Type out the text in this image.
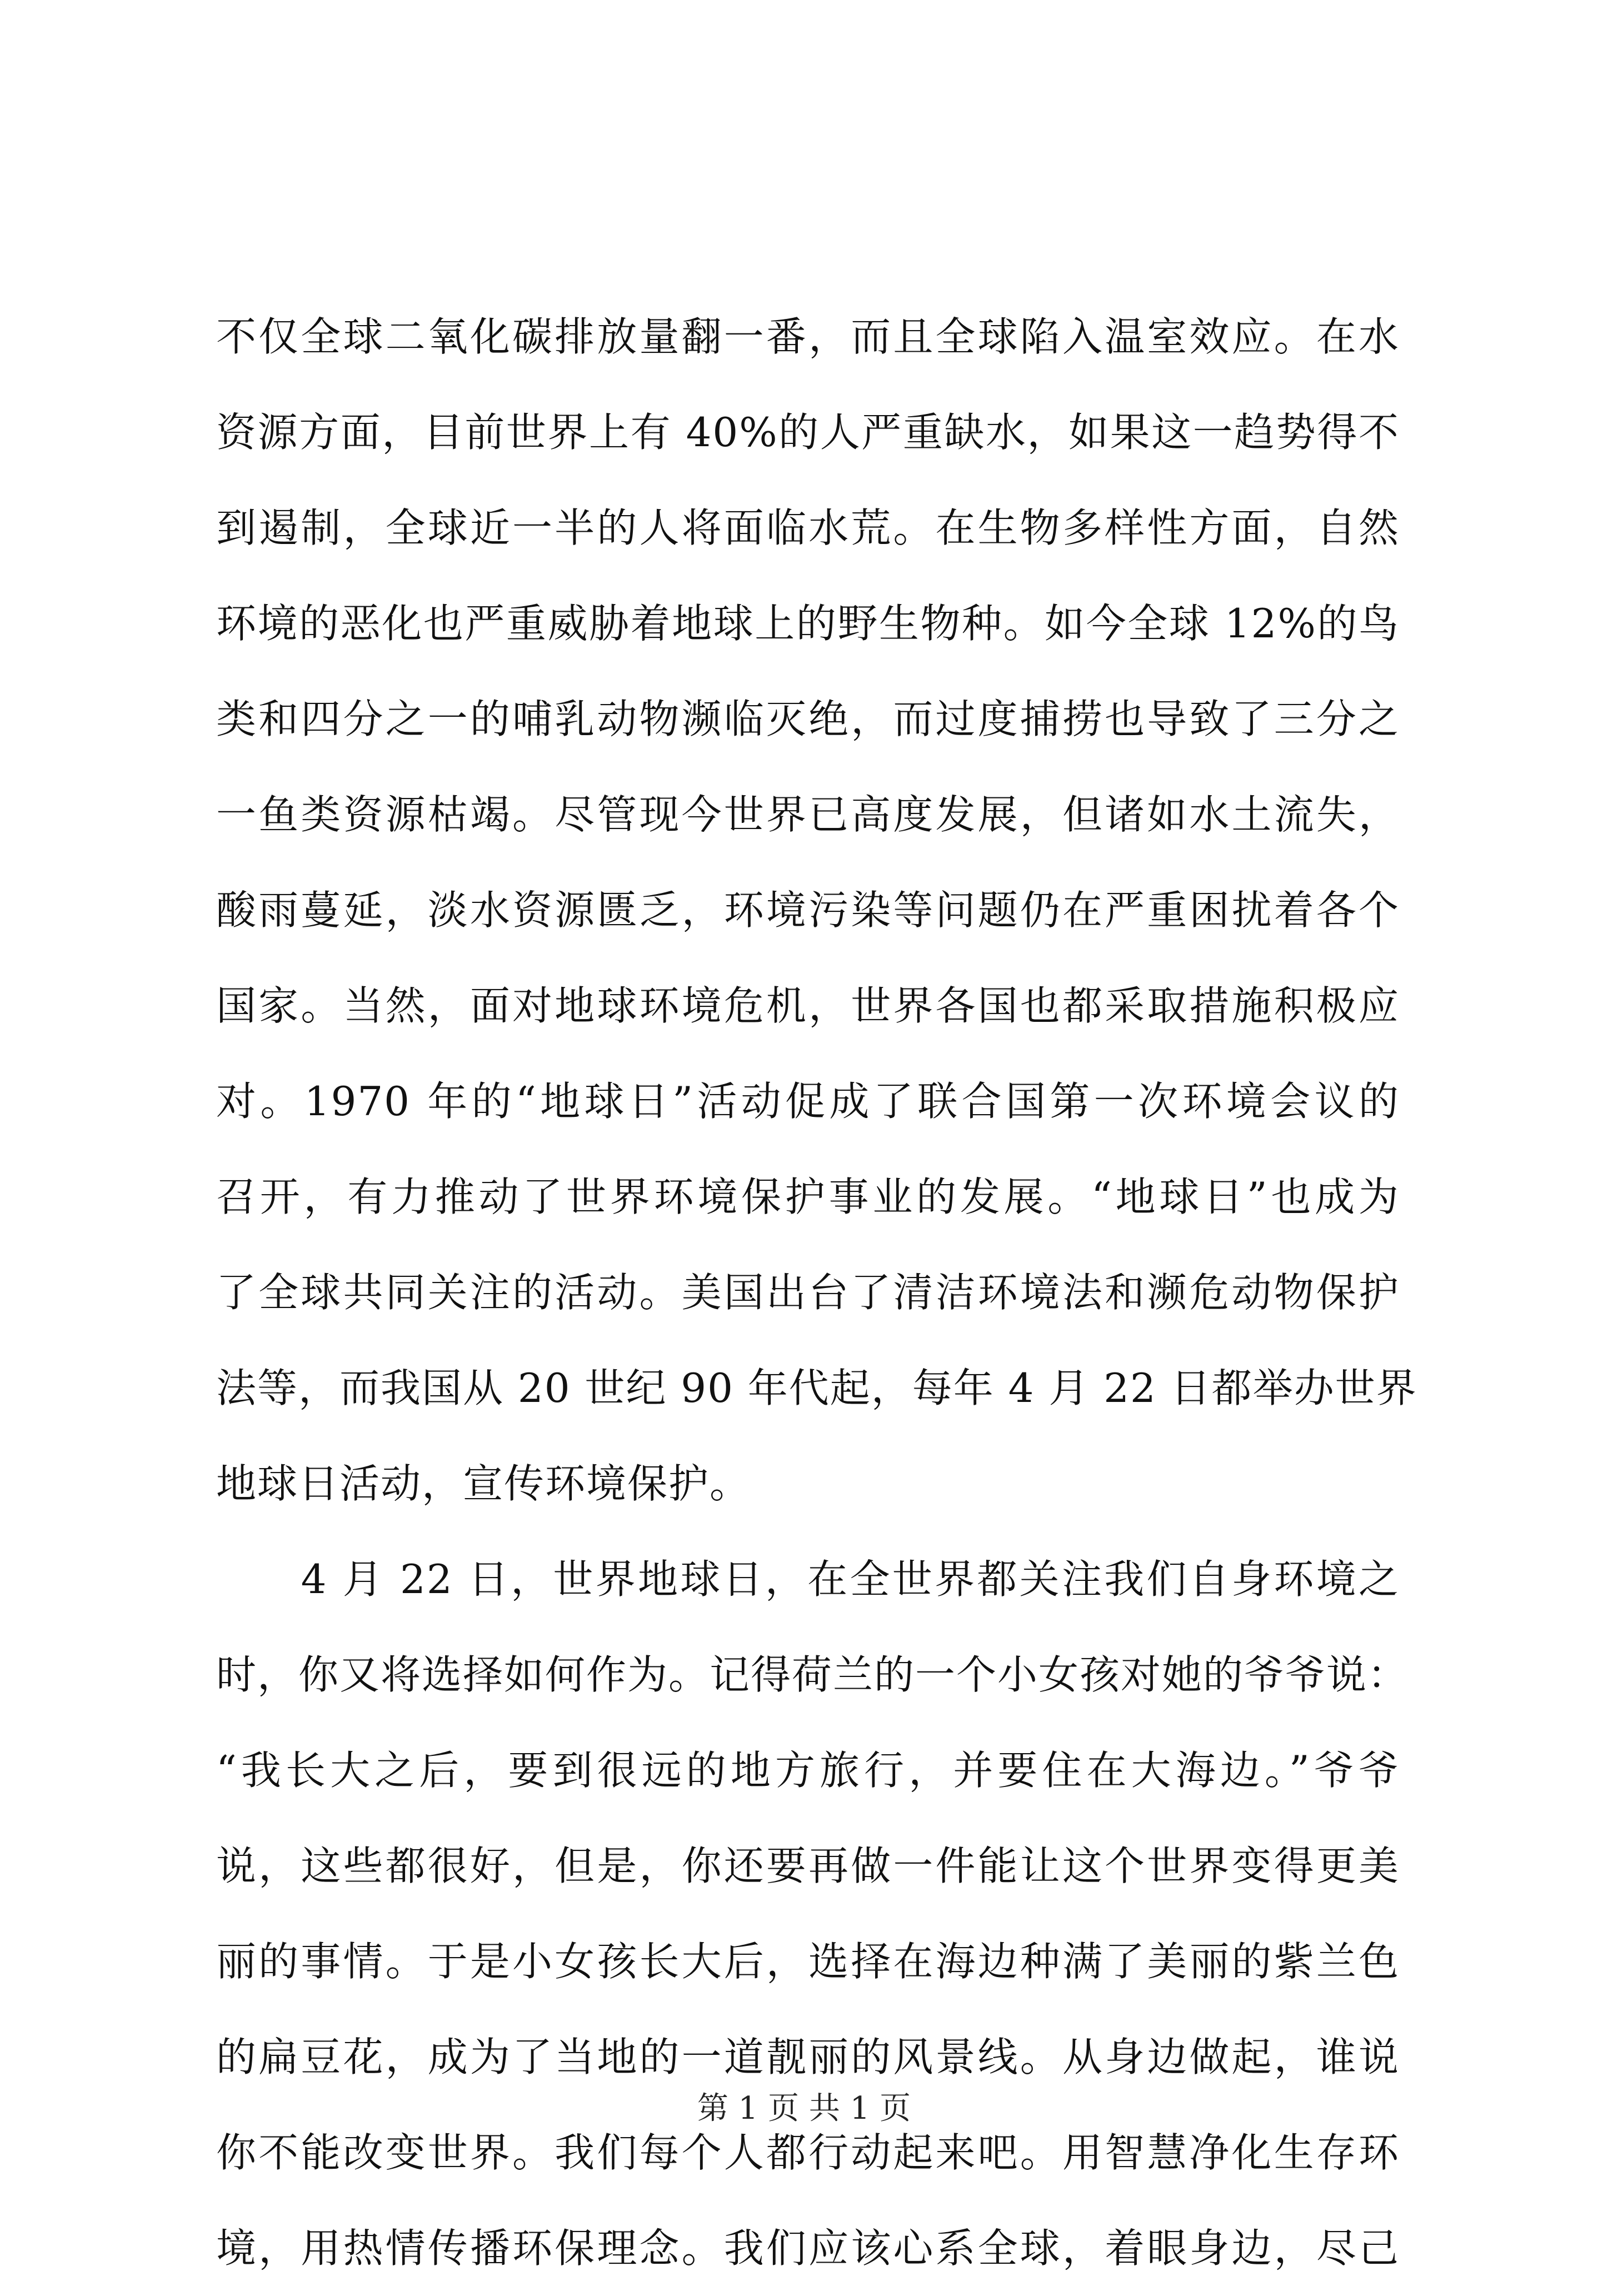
不仅全球二氧化碳排放量翻一番，而且全球陷入温室效应。在水
资源方面，目前世界上有 40%的人严重缺水，如果这一趋势得不
到遏制，全球近一半的人将面临水荒。在生物多样性方面，自然
环境的恶化也严重威胁着地球上的野生物种。如今全球 12%的鸟
类和四分之一的哺乳动物濒临灭绝，而过度捕捞也导致了三分之
一鱼类资源枯竭。尽管现今世界已高度发展，但诸如水土流失，
酸雨蔓延，淡水资源匮乏，环境污染等问题仍在严重困扰着各个
国家。当然，面对地球环境危机，世界各国也都采取措施积极应
对。1970 年的“地球日”活动促成了联合国第一次环境会议的
召开，有力推动了世界环境保护事业的发展。“地球日”也成为
了全球共同关注的活动。美国出台了清洁环境法和濒危动物保护
法等，而我国从 20 世纪 90 年代起，每年 4 月 22 日都举办世界
地球日活动，宣传环境保护。
　　4 月 22 日，世界地球日，在全世界都关注我们自身环境之
时，你又将选择如何作为。记得荷兰的一个小女孩对她的爷爷说：
“我长大之后，要到很远的地方旅行，并要住在大海边。”爷爷
说，这些都很好，但是，你还要再做一件能让这个世界变得更美
丽的事情。于是小女孩长大后，选择在海边种满了美丽的紫兰色
的扁豆花，成为了当地的一道靓丽的风景线。从身边做起，谁说
你不能改变世界。我们每个人都行动起来吧。用智慧净化生存环
境，用热情传播环保理念。我们应该心系全球，着眼身边，尽己
第 1 页 共 1 页
